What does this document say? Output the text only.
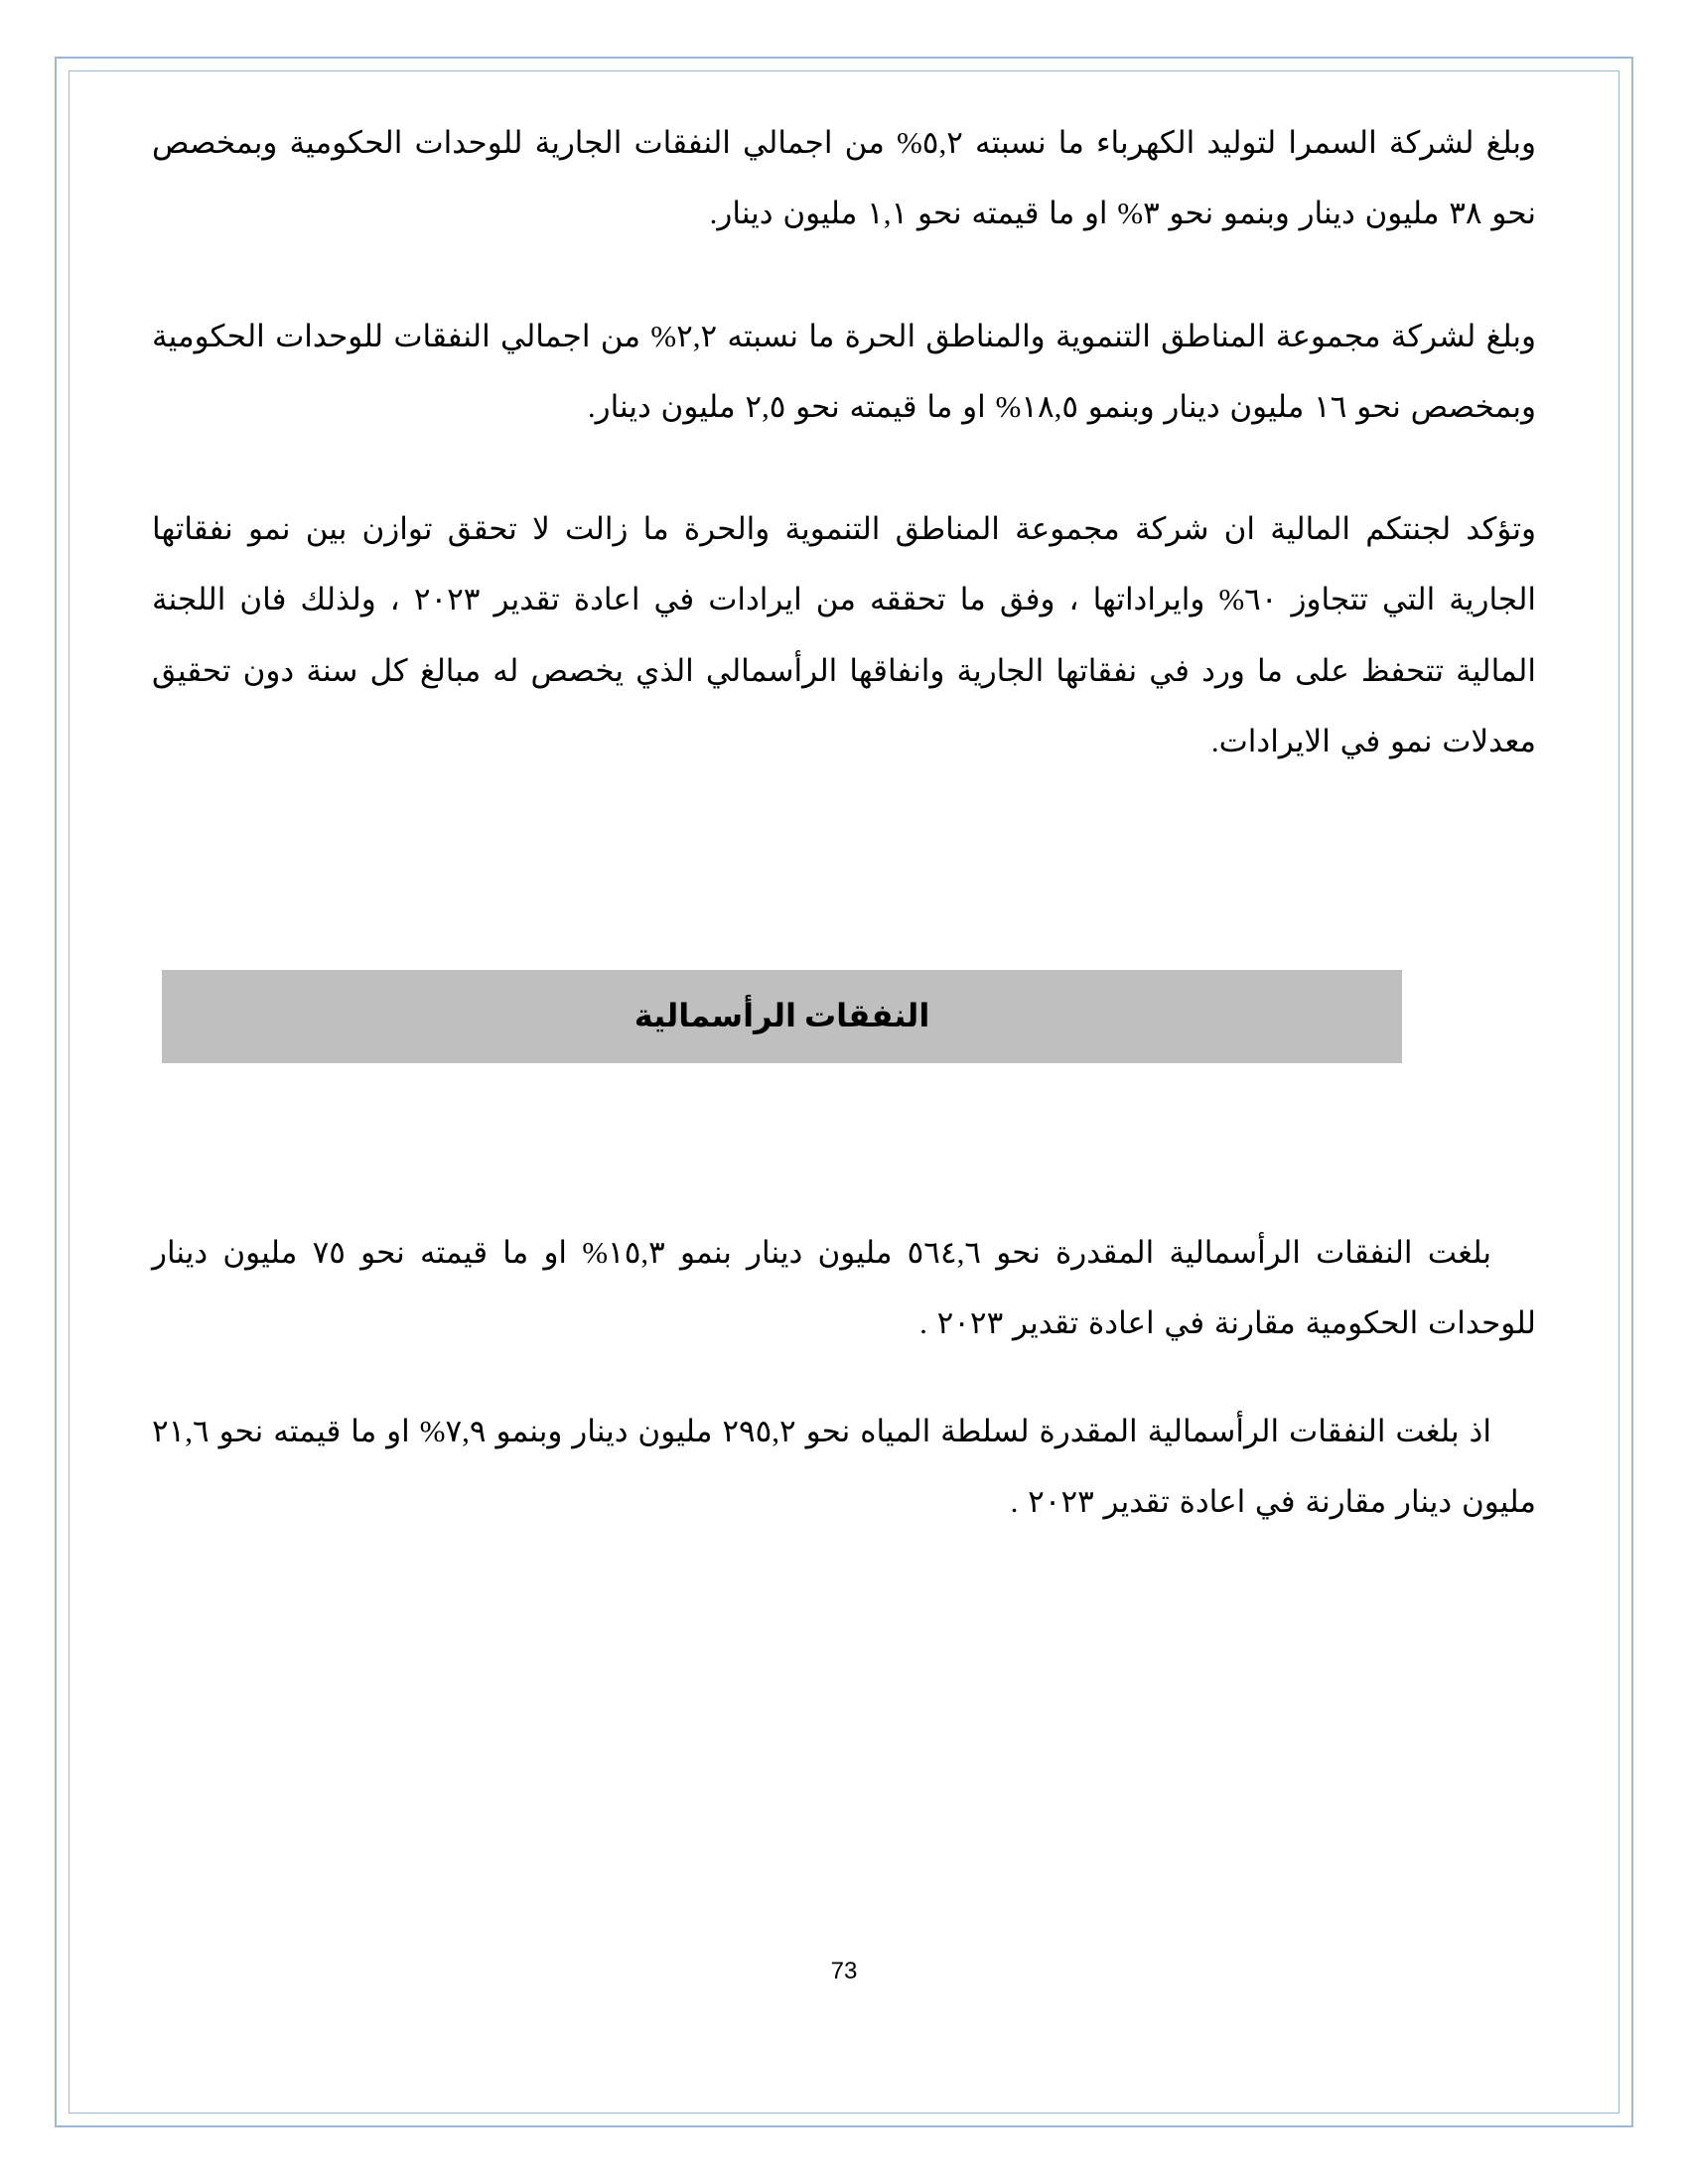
وبلغ لشركة السمرا لتوليد الكهرباء ما نسبته ٥,٢% من اجمالي النفقات الجارية للوحدات الحكومية وبمخصص نحو ٣٨ مليون دينار وبنمو نحو ٣% او ما قيمته نحو ١,١ مليون دينار.

وبلغ لشركة مجموعة المناطق التنموية والمناطق الحرة ما نسبته ٢,٢% من اجمالي النفقات للوحدات الحكومية وبمخصص نحو ١٦ مليون دينار وبنمو ١٨,٥% او ما قيمته نحو ٢,٥ مليون دينار.

وتؤكد لجنتكم المالية ان شركة مجموعة المناطق التنموية والحرة ما زالت لا تحقق توازن بين نمو نفقاتها الجارية التي تتجاوز ٦٠% وايراداتها ، وفق ما تحققه من ايرادات في اعادة تقدير ٢٠٢٣ ، ولذلك فان اللجنة المالية تتحفظ على ما ورد في نفقاتها الجارية وانفاقها الرأسمالي الذي يخصص له مبالغ كل سنة دون تحقيق معدلات نمو في الايرادات.

النفقات الرأسمالية

بلغت النفقات الرأسمالية المقدرة نحو ٥٦٤,٦ مليون دينار بنمو ١٥,٣% او ما قيمته نحو ٧٥ مليون دينار للوحدات الحكومية مقارنة في اعادة تقدير ٢٠٢٣ .

اذ بلغت النفقات الرأسمالية المقدرة لسلطة المياه نحو ٢٩٥,٢ مليون دينار وبنمو ٧,٩% او ما قيمته نحو ٢١,٦ مليون دينار مقارنة في اعادة تقدير ٢٠٢٣ .

73
